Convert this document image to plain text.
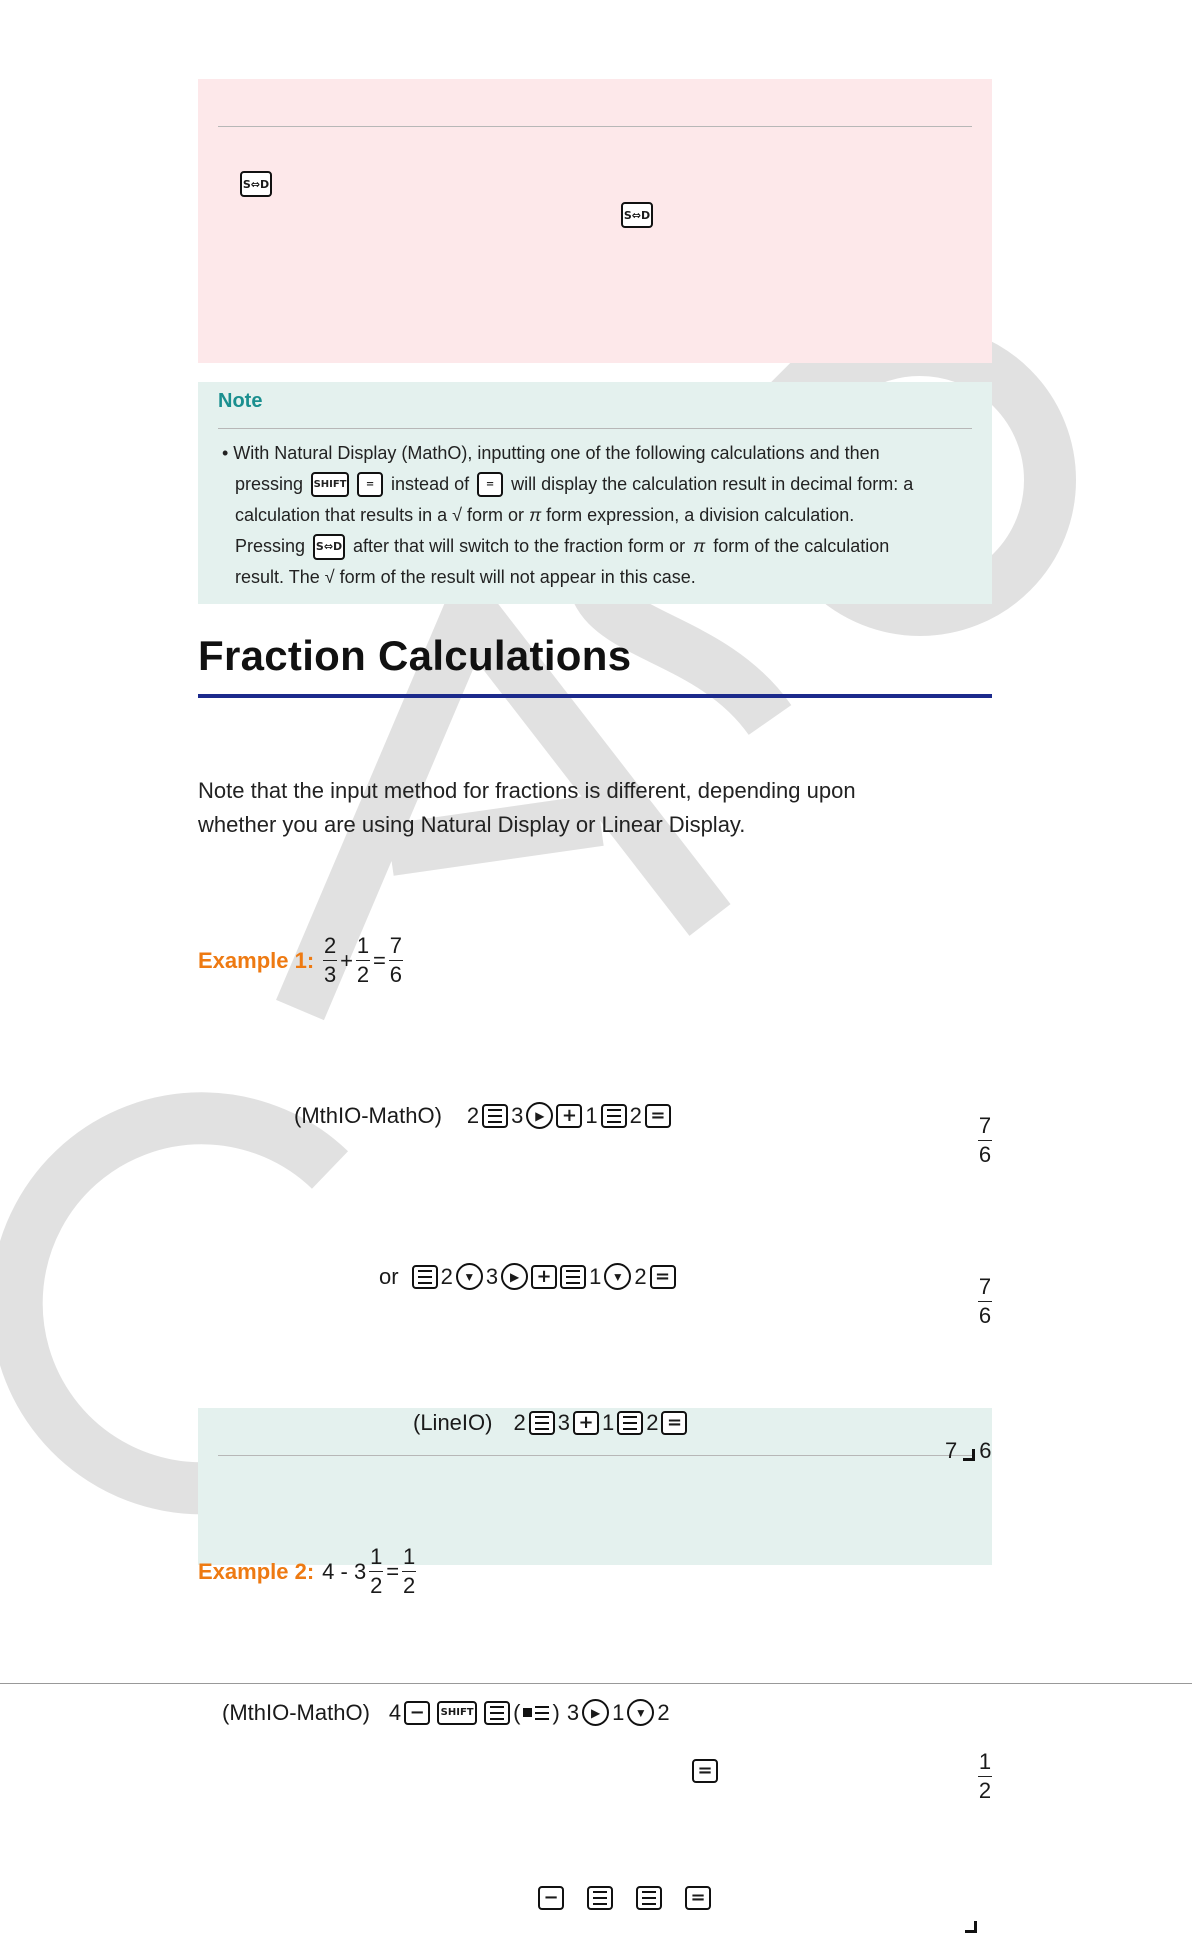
S⇔D
S⇔D
Note
• With Natural Display (MathO), inputting one of the following calculations and then
pressing SHIFT	= instead of	= will display the calculation result in decimal form: a
calculation that results in a √ form or π form expression, a division calculation.
Pressing S⇔D after that will switch to the fraction form or π form of the calculation
result. The √ form of the result will not appear in this case.
Fraction Calculations
Note that the input method for fractions is different, depending upon
whether you are using Natural Display or Linear Display.
Example 1: $\frac{2}{3} + \frac{1}{2} = \frac{7}{6}$
(MthIO-MathO) 2 3 ▶ + 1 2 =	$\frac{7}{6}$
or 2 ▼ 3 ▶ + 1 ▼ 2 =	$\frac{7}{6}$
(LineIO) 2 3 + 1 2 =
7 6
Example 2: $4 - 3 \frac{1}{2} = \frac{1}{2}$
(MthIO-MathO) 4 −	SHIFT ( ) 3 ▶ 1 ▼ 2
=	$\frac{1}{2}$
−	=
